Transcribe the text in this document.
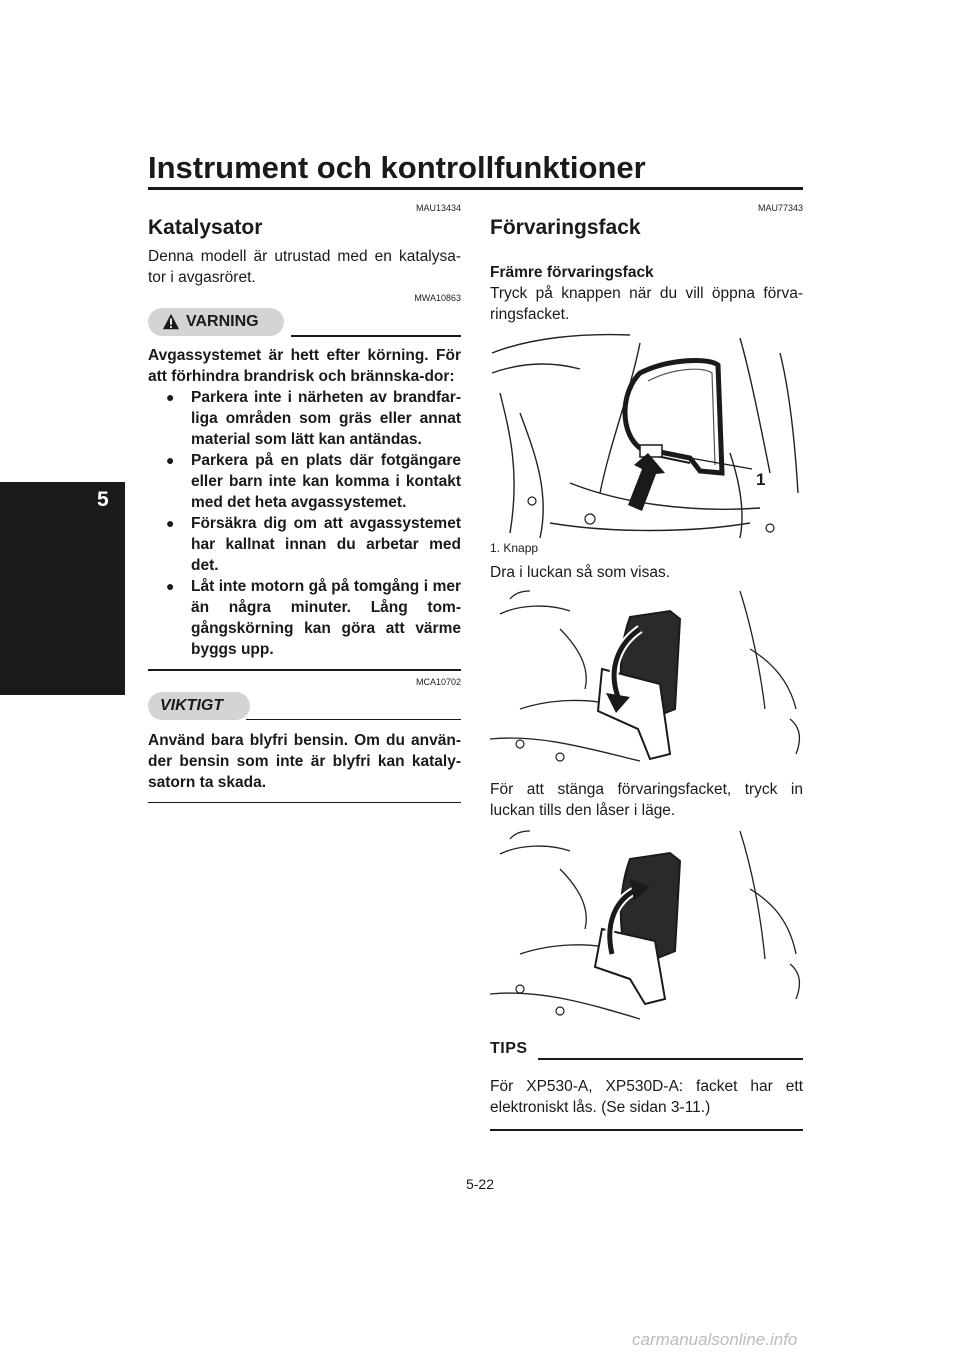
Instrument och kontrollfunktioner
5
MAU13434
Katalysator

Denna modell är utrustad med en katalysa-tor i avgasröret.

MWA10863
VARNING

Avgassystemet är hett efter körning. För att förhindra brandrisk och brännska-dor:

● Parkera inte i närheten av brandfar-liga områden som gräs eller annat material som lätt kan antändas.
● Parkera på en plats där fotgängare eller barn inte kan komma i kontakt med det heta avgassystemet.
● Försäkra dig om att avgassystemet har kallnat innan du arbetar med det.
● Låt inte motorn gå på tomgång i mer än några minuter. Lång tom-gångskörning kan göra att värme byggs upp.
MCA10702
VIKTIGT

Använd bara blyfri bensin. Om du använ-der bensin som inte är blyfri kan kataly-satorn ta skada.

MAU77343
Förvaringsfack
Främre förvaringsfack

Tryck på knappen när du vill öppna förva-ringsfacket.

1
1. Knapp

Dra i luckan så som visas.

För att stänga förvaringsfacket, tryck in luckan tills den låser i läge.

TIPS

För XP530-A, XP530D-A: facket har ett elektroniskt lås. (Se sidan 3-11.)

5-22
carmanualsonline.info
